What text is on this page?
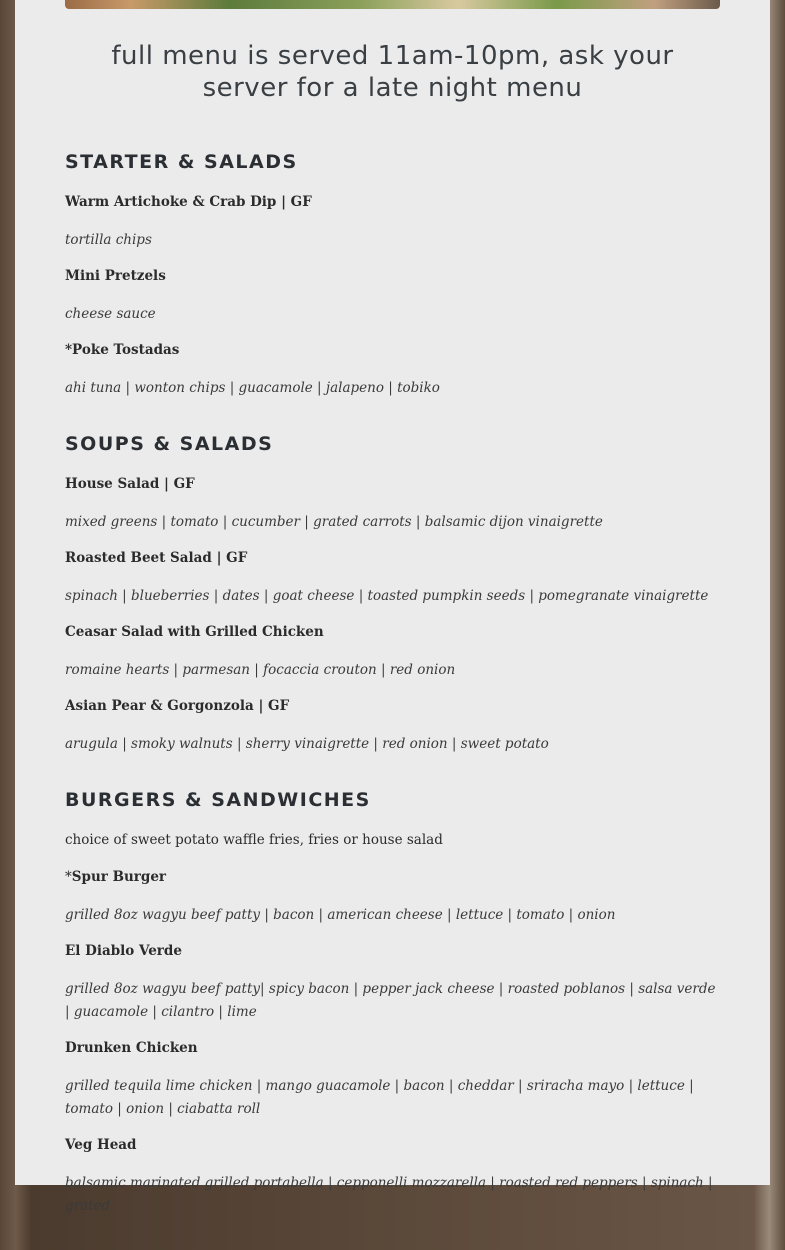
full menu is served 11am-10pm, ask your server for a late night menu
STARTER & SALADS
Warm Artichoke & Crab Dip | GF
tortilla chips
Mini Pretzels
cheese sauce
*Poke Tostadas
ahi tuna | wonton chips | guacamole | jalapeno | tobiko
SOUPS & SALADS
House Salad | GF
mixed greens | tomato | cucumber | grated carrots | balsamic dijon vinaigrette
Roasted Beet Salad | GF
spinach | blueberries | dates | goat cheese | toasted pumpkin seeds | pomegranate vinaigrette
Ceasar Salad with Grilled Chicken
romaine hearts | parmesan | focaccia crouton | red onion
Asian Pear & Gorgonzola | GF
arugula | smoky walnuts | sherry vinaigrette | red onion | sweet potato
BURGERS & SANDWICHES
choice of sweet potato waffle fries, fries or house salad
*Spur Burger
grilled 8oz wagyu beef patty | bacon | american cheese | lettuce | tomato | onion
El Diablo Verde
grilled 8oz wagyu beef patty| spicy bacon | pepper jack cheese | roasted poblanos | salsa verde | guacamole | cilantro | lime
Drunken Chicken
grilled tequila lime chicken | mango guacamole | bacon | cheddar | sriracha mayo | lettuce | tomato | onion | ciabatta roll
Veg Head
balsamic marinated grilled portabella | cepponelli mozzarella | roasted red peppers | spinach | grated
